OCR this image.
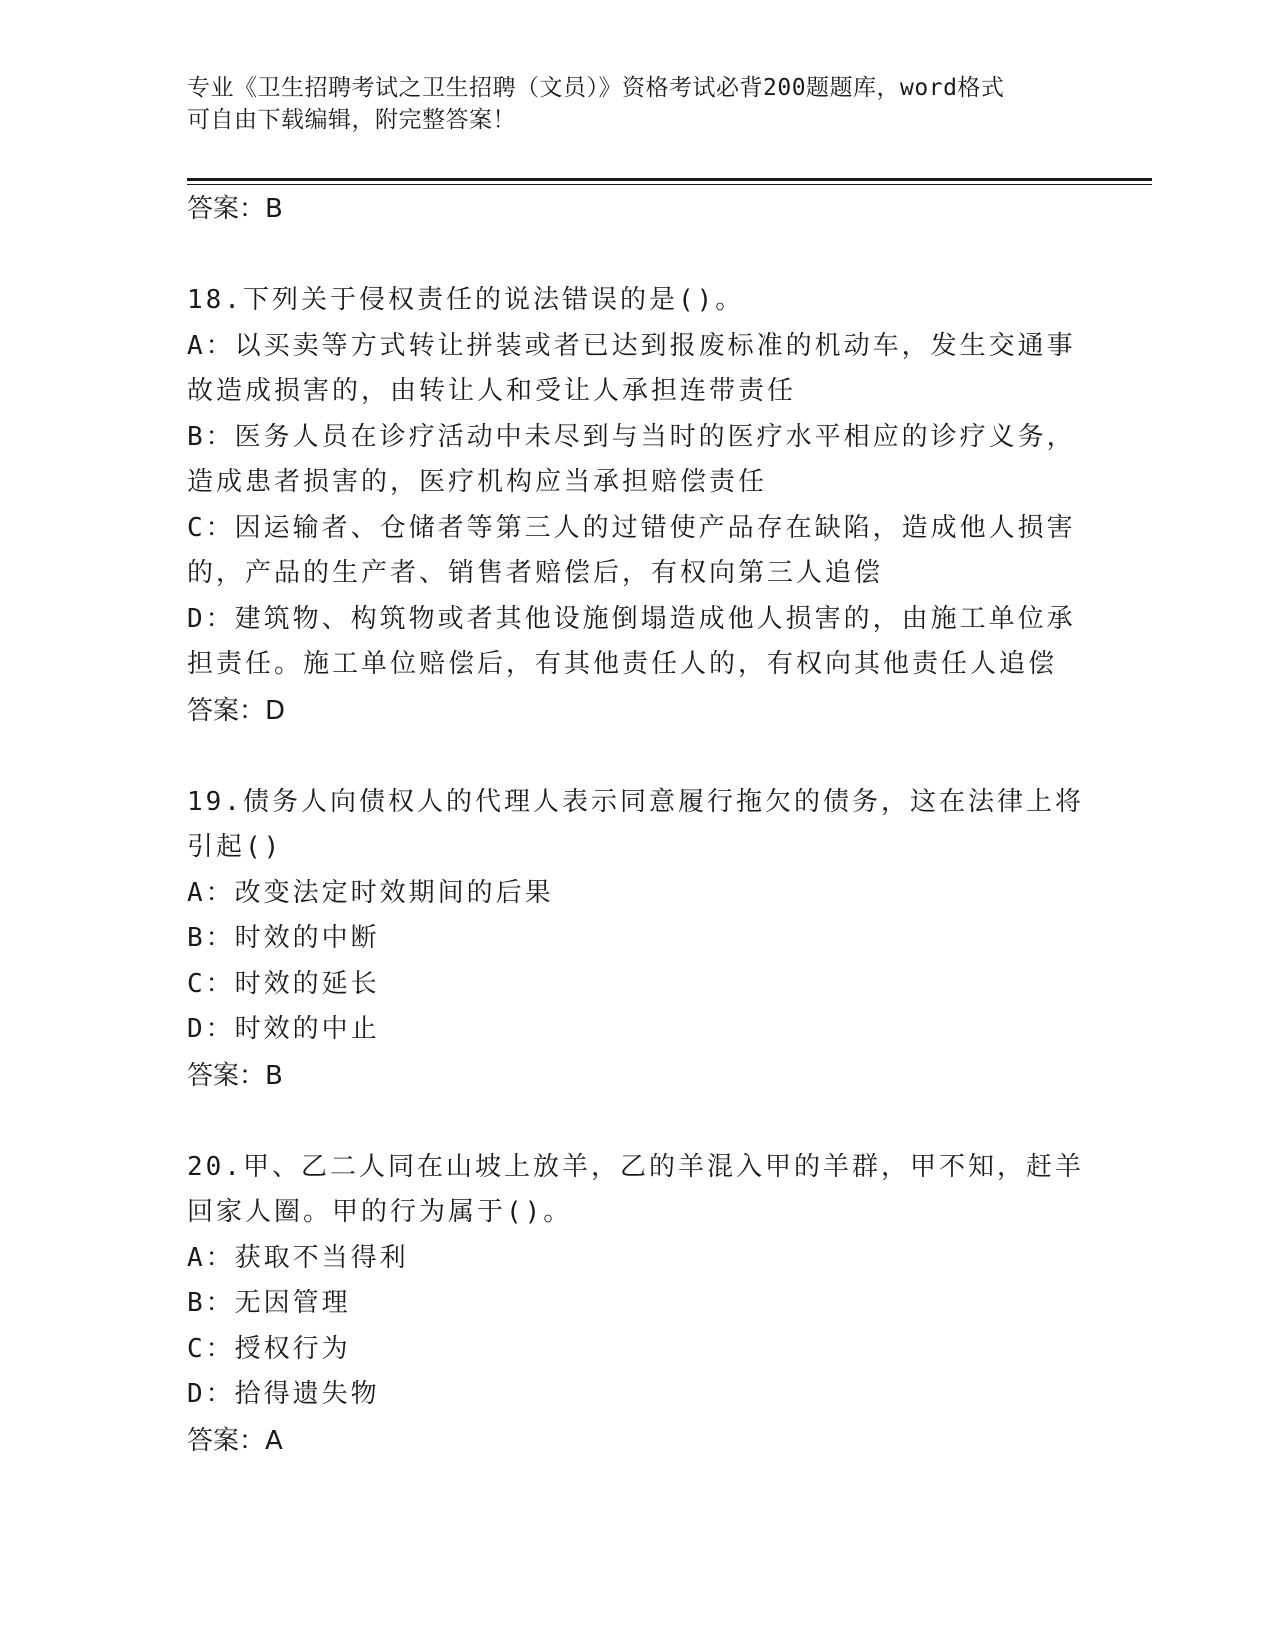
专业《卫生招聘考试之卫生招聘（文员）》资格考试必背200题题库，word格式
可自由下载编辑，附完整答案！
答案：B
18.下列关于侵权责任的说法错误的是()。
A：以买卖等方式转让拼装或者已达到报废标准的机动车，发生交通事
故造成损害的，由转让人和受让人承担连带责任
B：医务人员在诊疗活动中未尽到与当时的医疗水平相应的诊疗义务，
造成患者损害的，医疗机构应当承担赔偿责任
C：因运输者、仓储者等第三人的过错使产品存在缺陷，造成他人损害
的，产品的生产者、销售者赔偿后，有权向第三人追偿
D：建筑物、构筑物或者其他设施倒塌造成他人损害的，由施工单位承
担责任。施工单位赔偿后，有其他责任人的，有权向其他责任人追偿
答案：D
19.债务人向债权人的代理人表示同意履行拖欠的债务，这在法律上将
引起()
A：改变法定时效期间的后果
B：时效的中断
C：时效的延长
D：时效的中止
答案：B
20.甲、乙二人同在山坡上放羊，乙的羊混入甲的羊群，甲不知，赶羊
回家人圈。甲的行为属于()。
A：获取不当得利
B：无因管理
C：授权行为
D：拾得遗失物
答案：A
